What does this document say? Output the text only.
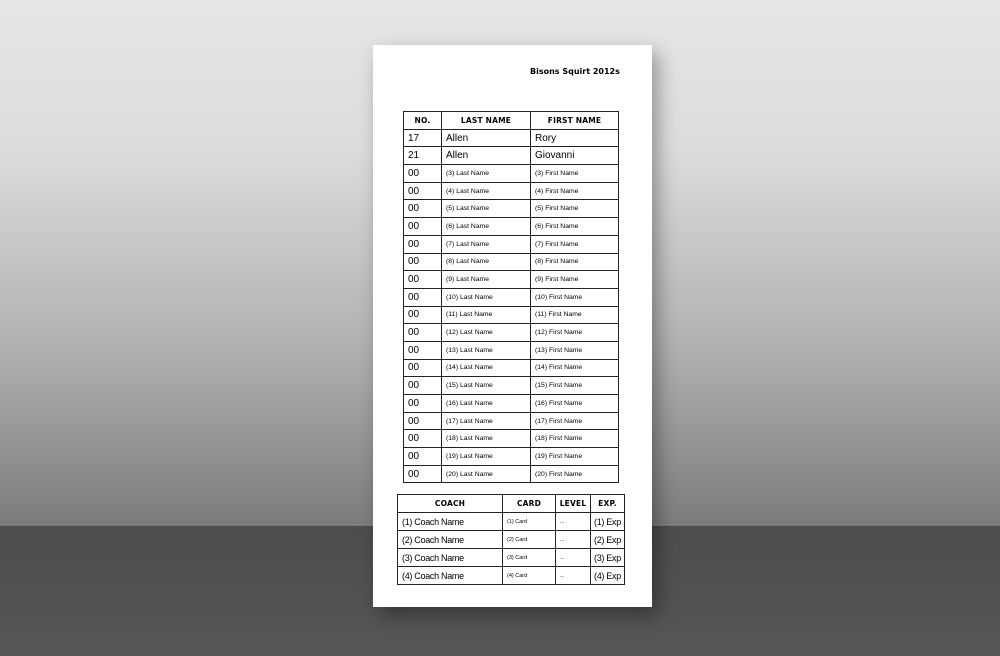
Bisons Squirt 2012s
NO.	LAST NAME	FIRST NAME
17	Allen	Rory
21	Allen	Giovanni
00	(3) Last Name	(3) First Name
00	(4) Last Name	(4) First Name
00	(5) Last Name	(5) First Name
00	(6) Last Name	(6) First Name
00	(7) Last Name	(7) First Name
00	(8) Last Name	(8) First Name
00	(9) Last Name	(9) First Name
00	(10) Last Name	(10) First Name
00	(11) Last Name	(11) First Name
00	(12) Last Name	(12) First Name
00	(13) Last Name	(13) First Name
00	(14) Last Name	(14) First Name
00	(15) Last Name	(15) First Name
00	(16) Last Name	(16) First Name
00	(17) Last Name	(17) First Name
00	(18) Last Name	(18) First Name
00	(19) Last Name	(19) First Name
00	(20) Last Name	(20) First Name
COACH	CARD	LEVEL	EXP.
(1) Coach Name	(1) Card	...	(1) Exp
(2) Coach Name	(2) Card	...	(2) Exp
(3) Coach Name	(3) Card	...	(3) Exp
(4) Coach Name	(4) Card	...	(4) Exp
